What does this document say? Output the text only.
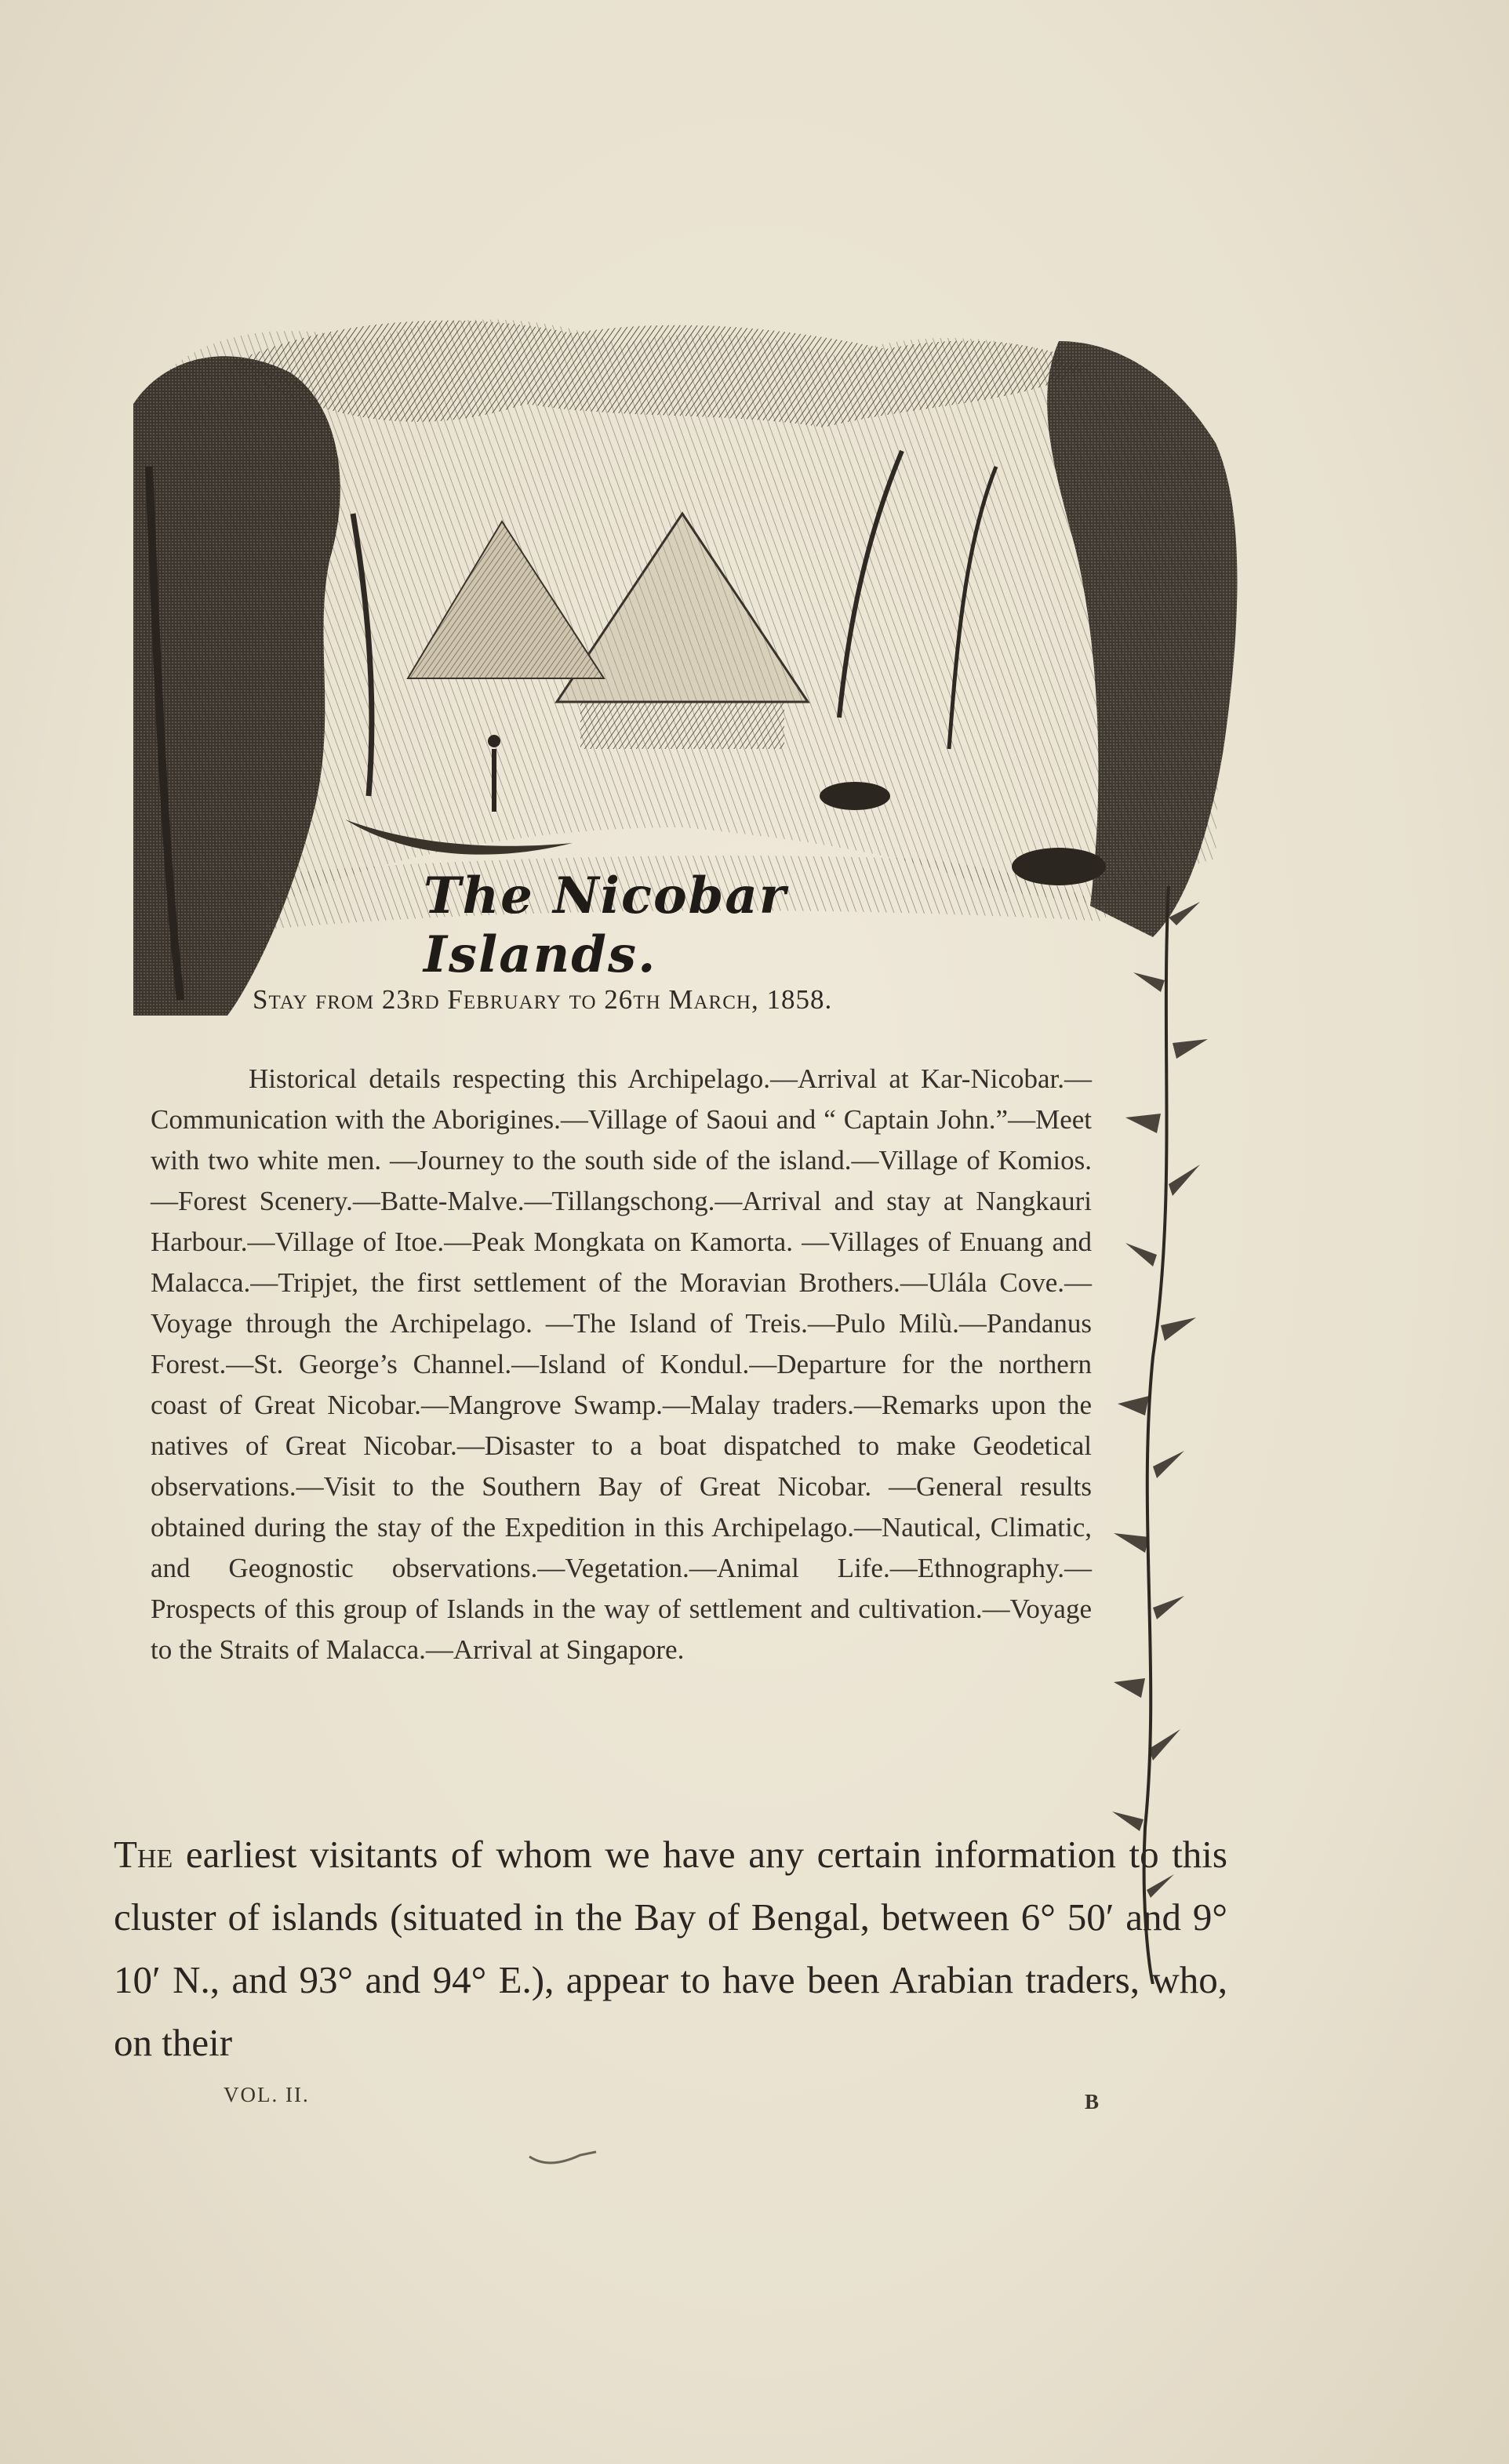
The Nicobar Islands.
Stay from 23rd February to 26th March, 1858.
Historical details respecting this Archipelago.—Arrival at Kar-Nicobar.—Communication with the Aborigines.—Village of Saoui and “ Captain John.”—Meet with two white men. —Journey to the south side of the island.—Village of Komios.—Forest Scenery.—Batte-Malve.—Tillangschong.—Arrival and stay at Nangkauri Harbour.—Village of Itoe.—Peak Mongkata on Kamorta. —Villages of Enuang and Malacca.—Tripjet, the first settlement of the Moravian Brothers.—Ulála Cove.—Voyage through the Archipelago. —The Island of Treis.—Pulo Milù.—Pandanus Forest.—St. George’s Channel.—Island of Kondul.—Departure for the northern coast of Great Nicobar.—Mangrove Swamp.—Malay traders.—Remarks upon the natives of Great Nicobar.—Disaster to a boat dispatched to make Geodetical observations.—Visit to the Southern Bay of Great Nicobar. —General results obtained during the stay of the Expedition in this Archipelago.—Nautical, Climatic, and Geognostic observations.—Vegetation.—Animal Life.—Ethnography.—Prospects of this group of Islands in the way of settlement and cultivation.—Voyage to the Straits of Malacca.—Arrival at Singapore.
The earliest visitants of whom we have any certain information to this cluster of islands (situated in the Bay of Bengal, between 6° 50′ and 9° 10′ N., and 93° and 94° E.), appear to have been Arabian traders, who, on their
VOL. II.	B
